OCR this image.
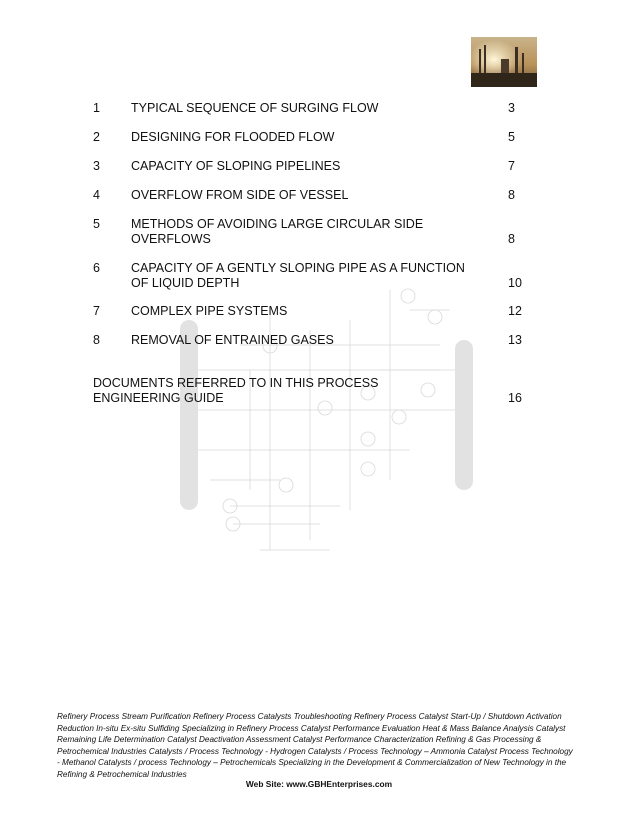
1 TYPICAL SEQUENCE OF SURGING FLOW	3
2 DESIGNING FOR FLOODED FLOW	5
3 CAPACITY OF SLOPING PIPELINES	7
4 OVERFLOW FROM SIDE OF VESSEL	8
5 METHODS OF AVOIDING LARGE CIRCULAR SIDE OVERFLOWS	8
6 CAPACITY OF A GENTLY SLOPING PIPE AS A FUNCTION OF LIQUID DEPTH	10
7 COMPLEX PIPE SYSTEMS	12
8 REMOVAL OF ENTRAINED GASES	13
DOCUMENTS REFERRED TO IN THIS PROCESS ENGINEERING GUIDE	16
Refinery Process Stream Purification Refinery Process Catalysts Troubleshooting Refinery Process Catalyst Start-Up / Shutdown Activation Reduction In-situ Ex-situ Sulfiding Specializing in Refinery Process Catalyst Performance Evaluation Heat & Mass Balance Analysis Catalyst Remaining Life Determination Catalyst Deactivation Assessment Catalyst Performance Characterization Refining & Gas Processing & Petrochemical Industries Catalysts / Process Technology - Hydrogen Catalysts / Process Technology – Ammonia Catalyst Process Technology - Methanol Catalysts / process Technology – Petrochemicals Specializing in the Development & Commercialization of New Technology in the Refining & Petrochemical Industries
Web Site: www.GBHEnterprises.com
